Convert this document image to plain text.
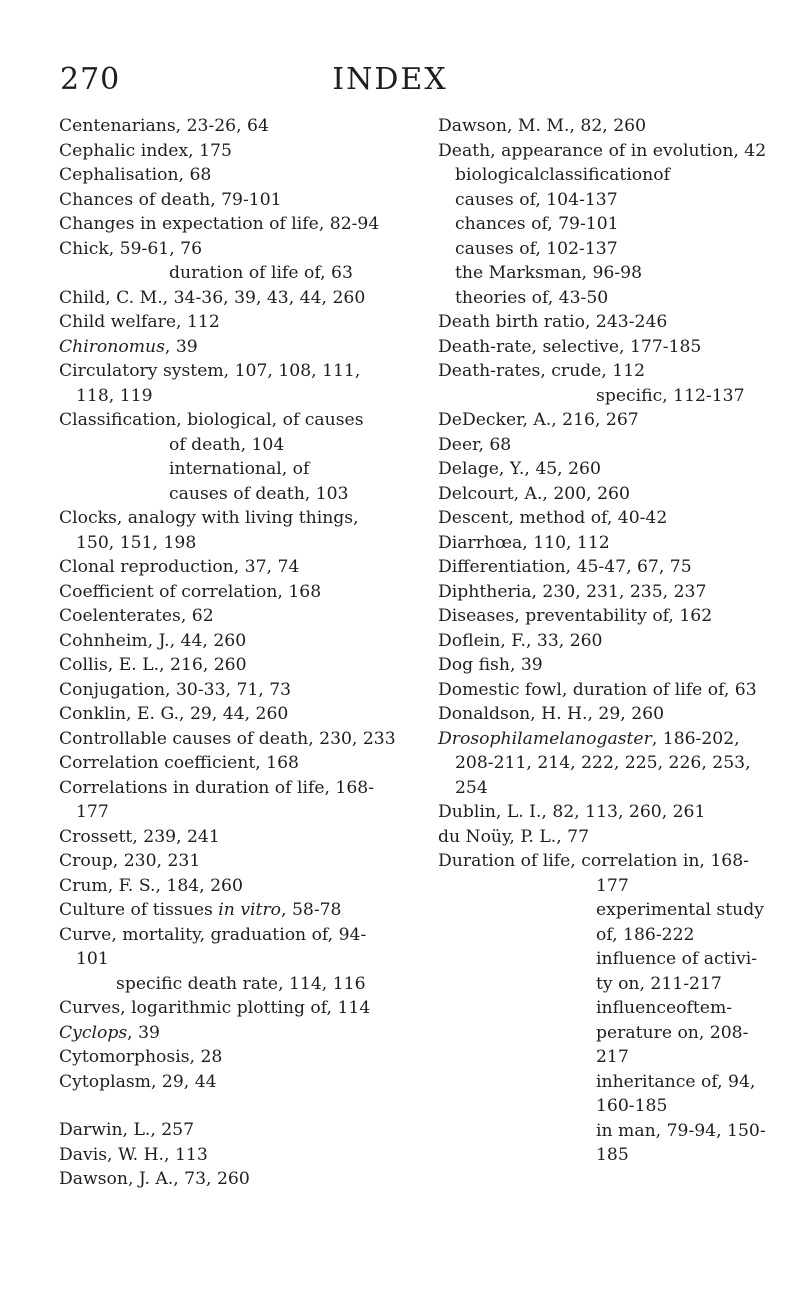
270	INDEX
Centenarians, 23-26, 64
Cephalic index, 175
Cephalisation, 68
Chances of death, 79-101
Changes in expectation of life, 82-94
Chick, 59-61, 76
duration of life of, 63
Child, C. M., 34-36, 39, 43, 44, 260
Child welfare, 112
Chironomus, 39
Circulatory system, 107, 108, 111,
118, 119
Classification, biological, of causes
of death, 104
international, of
causes of death, 103
Clocks, analogy with living things,
150, 151, 198
Clonal reproduction, 37, 74
Coefficient of correlation, 168
Coelenterates, 62
Cohnheim, J., 44, 260
Collis, E. L., 216, 260
Conjugation, 30-33, 71, 73
Conklin, E. G., 29, 44, 260
Controllable causes of death, 230, 233
Correlation coefficient, 168
Correlations in duration of life, 168-
177
Crossett, 239, 241
Croup, 230, 231
Crum, F. S., 184, 260
Culture of tissues in vitro, 58-78
Curve, mortality, graduation of, 94-
101
specific death rate, 114, 116
Curves, logarithmic plotting of, 114
Cyclops, 39
Cytomorphosis, 28
Cytoplasm, 29, 44
Darwin, L., 257
Davis, W. H., 113
Dawson, J. A., 73, 260
Dawson, M. M., 82, 260
Death, appearance of in evolution, 42
biologicalclassificationof
causes of, 104-137
chances of, 79-101
causes of, 102-137
the Marksman, 96-98
theories of, 43-50
Death birth ratio, 243-246
Death-rate, selective, 177-185
Death-rates, crude, 112
specific, 112-137
DeDecker, A., 216, 267
Deer, 68
Delage, Y., 45, 260
Delcourt, A., 200, 260
Descent, method of, 40-42
Diarrhœa, 110, 112
Differentiation, 45-47, 67, 75
Diphtheria, 230, 231, 235, 237
Diseases, preventability of, 162
Doflein, F., 33, 260
Dog fish, 39
Domestic fowl, duration of life of, 63
Donaldson, H. H., 29, 260
Drosophilamelanogaster, 186-202,
208-211, 214, 222, 225, 226, 253,
254
Dublin, L. I., 82, 113, 260, 261
du Noüy, P. L., 77
Duration of life, correlation in, 168-
177
experimental study
of, 186-222
influence of activi-
ty on, 211-217
influenceoftem-
perature on, 208-
217
inheritance of, 94,
160-185
in man, 79-94, 150-
185
